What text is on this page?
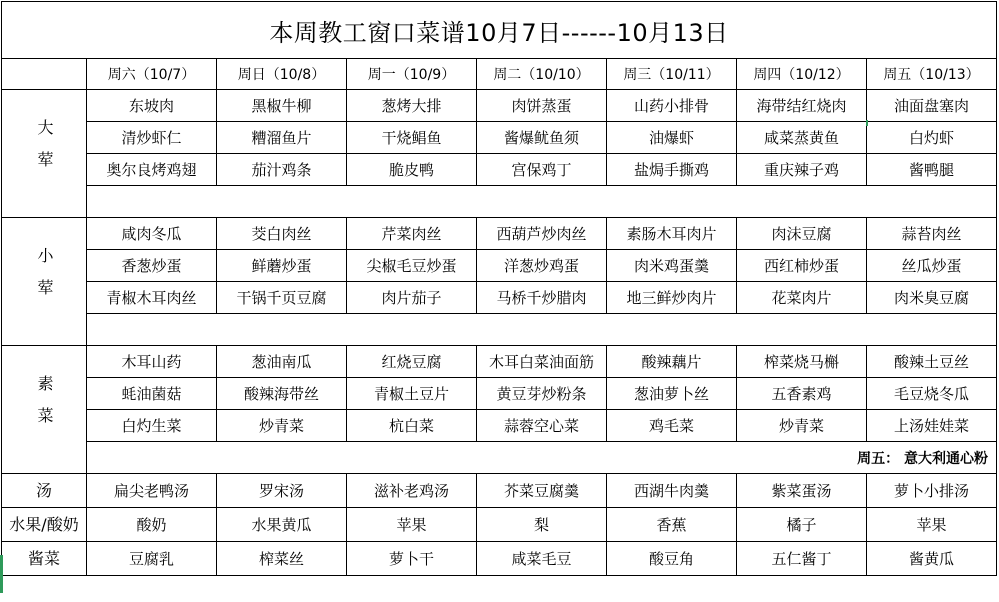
本周教工窗口菜谱10月7日------10月13日							
	周六（10/7）	周日（10/8）	周一（10/9）	周二（10/10）	周三（10/11）	周四（10/12）	周五（10/13）
大荤	东坡肉	黑椒牛柳	葱烤大排	肉饼蒸蛋	山药小排骨	海带结红烧肉	油面盘塞肉
	清炒虾仁	糟溜鱼片	干烧鲳鱼	酱爆鱿鱼须	油爆虾	咸菜蒸黄鱼	白灼虾
	奥尔良烤鸡翅	茄汁鸡条	脆皮鸭	宫保鸡丁	盐焗手撕鸡	重庆辣子鸡	酱鸭腿

小荤	咸肉冬瓜	茭白肉丝	芹菜肉丝	西葫芦炒肉丝	素肠木耳肉片	肉沫豆腐	蒜苔肉丝
	香葱炒蛋	鲜蘑炒蛋	尖椒毛豆炒蛋	洋葱炒鸡蛋	肉米鸡蛋羹	西红柿炒蛋	丝瓜炒蛋
	青椒木耳肉丝	干锅千页豆腐	肉片茄子	马桥千炒腊肉	地三鲜炒肉片	花菜肉片	肉米臭豆腐

素菜	木耳山药	葱油南瓜	红烧豆腐	木耳白菜油面筋	酸辣藕片	榨菜烧马槲	酸辣土豆丝
	蚝油菌菇	酸辣海带丝	青椒土豆片	黄豆芽炒粉条	葱油萝卜丝	五香素鸡	毛豆烧冬瓜
	白灼生菜	炒青菜	杭白菜	蒜蓉空心菜	鸡毛菜	炒青菜	上汤娃娃菜
	周五： 意大利通心粉						
汤	扁尖老鸭汤	罗宋汤	滋补老鸡汤	芥菜豆腐羹	西湖牛肉羹	紫菜蛋汤	萝卜小排汤
水果/酸奶	酸奶	水果黄瓜	苹果	梨	香蕉	橘子	苹果
酱菜	豆腐乳	榨菜丝	萝卜干	咸菜毛豆	酸豆角	五仁酱丁	酱黄瓜
